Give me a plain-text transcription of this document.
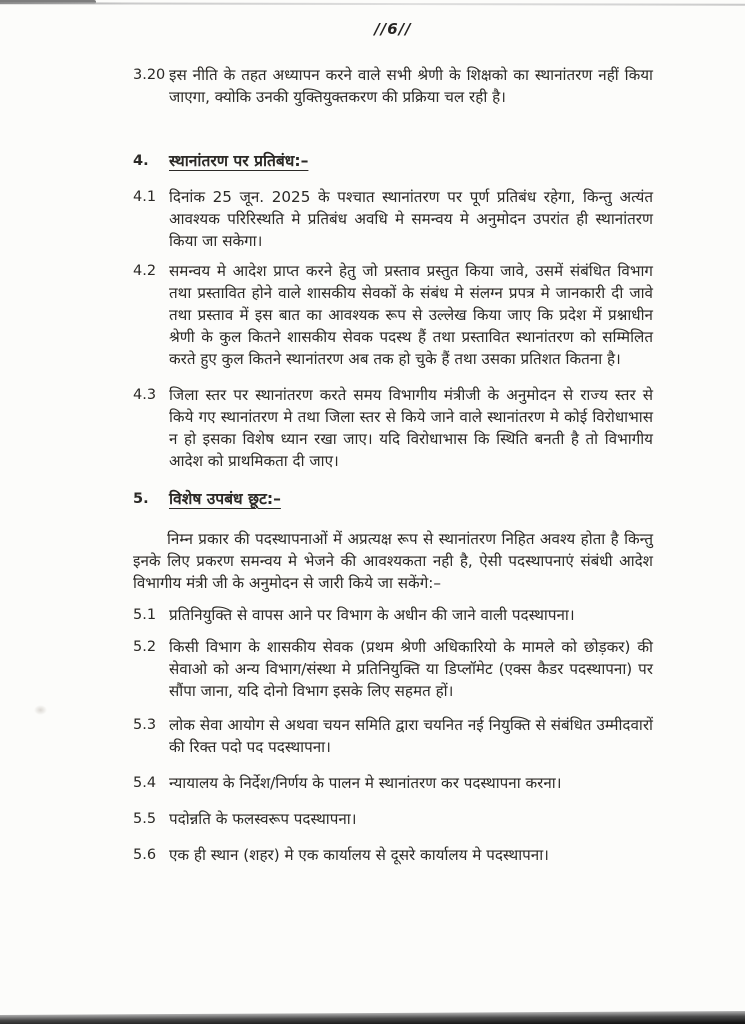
//6//
3.20 इस नीति के तहत अध्यापन करने वाले सभी श्रेणी के शिक्षको का स्थानांतरण नहीं किया जाएगा, क्योकि उनकी युक्तियुक्तकरण की प्रक्रिया चल रही है।
4.	स्थानांतरण पर प्रतिबंध:–
4.1 दिनांक 25 जून. 2025 के पश्चात स्थानांतरण पर पूर्ण प्रतिबंध रहेगा, किन्तु अत्यंत आवश्यक परिरिस्थति मे प्रतिबंध अवधि मे समन्वय मे अनुमोदन उपरांत ही स्थानांतरण किया जा सकेगा।
4.2 समन्वय मे आदेश प्राप्त करने हेतु जो प्रस्ताव प्रस्तुत किया जावे, उसमें संबंधित विभाग तथा प्रस्तावित होने वाले शासकीय सेवकों के संबंध मे संलग्न प्रपत्र मे जानकारी दी जावे तथा प्रस्ताव में इस बात का आवश्यक रूप से उल्लेख किया जाए कि प्रदेश में प्रश्नाधीन श्रेणी के कुल कितने शासकीय सेवक पदस्थ हैं तथा प्रस्तावित स्थानांतरण को सम्मिलित करते हुए कुल कितने स्थानांतरण अब तक हो चुके हैं तथा उसका प्रतिशत कितना है।
4.3 जिला स्तर पर स्थानांतरण करते समय विभागीय मंत्रीजी के अनुमोदन से राज्य स्तर से किये गए स्थानांतरण मे तथा जिला स्तर से किये जाने वाले स्थानांतरण मे कोई विरोधाभास न हो इसका विशेष ध्यान रखा जाए। यदि विरोधाभास कि स्थिति बनती है तो विभागीय आदेश को प्राथमिकता दी जाए।
5.	विशेष उपबंध छूट:–
निम्न प्रकार की पदस्थापनाओं में अप्रत्यक्ष रूप से स्थानांतरण निहित अवश्य होता है किन्तु इनके लिए प्रकरण समन्वय मे भेजने की आवश्यकता नही है, ऐसी पदस्थापनाएं संबंधी आदेश विभागीय मंत्री जी के अनुमोदन से जारी किये जा सकेंगे:–
5.1 प्रतिनियुक्ति से वापस आने पर विभाग के अधीन की जाने वाली पदस्थापना।
5.2 किसी विभाग के शासकीय सेवक (प्रथम श्रेणी अधिकारियो के मामले को छोड़कर) की सेवाओ को अन्य विभाग/संस्था मे प्रतिनियुक्ति या डिप्लॉमेट (एक्स कैडर पदस्थापना) पर सौंपा जाना, यदि दोनो विभाग इसके लिए सहमत हों।
5.3 लोक सेवा आयोग से अथवा चयन समिति द्वारा चयनित नई नियुक्ति से संबंधित उम्मीदवारों की रिक्त पदो पद पदस्थापना।
5.4 न्यायालय के निर्देश/निर्णय के पालन मे स्थानांतरण कर पदस्थापना करना।
5.5 पदोन्नति के फलस्वरूप पदस्थापना।
5.6 एक ही स्थान (शहर) मे एक कार्यालय से दूसरे कार्यालय मे पदस्थापना।
